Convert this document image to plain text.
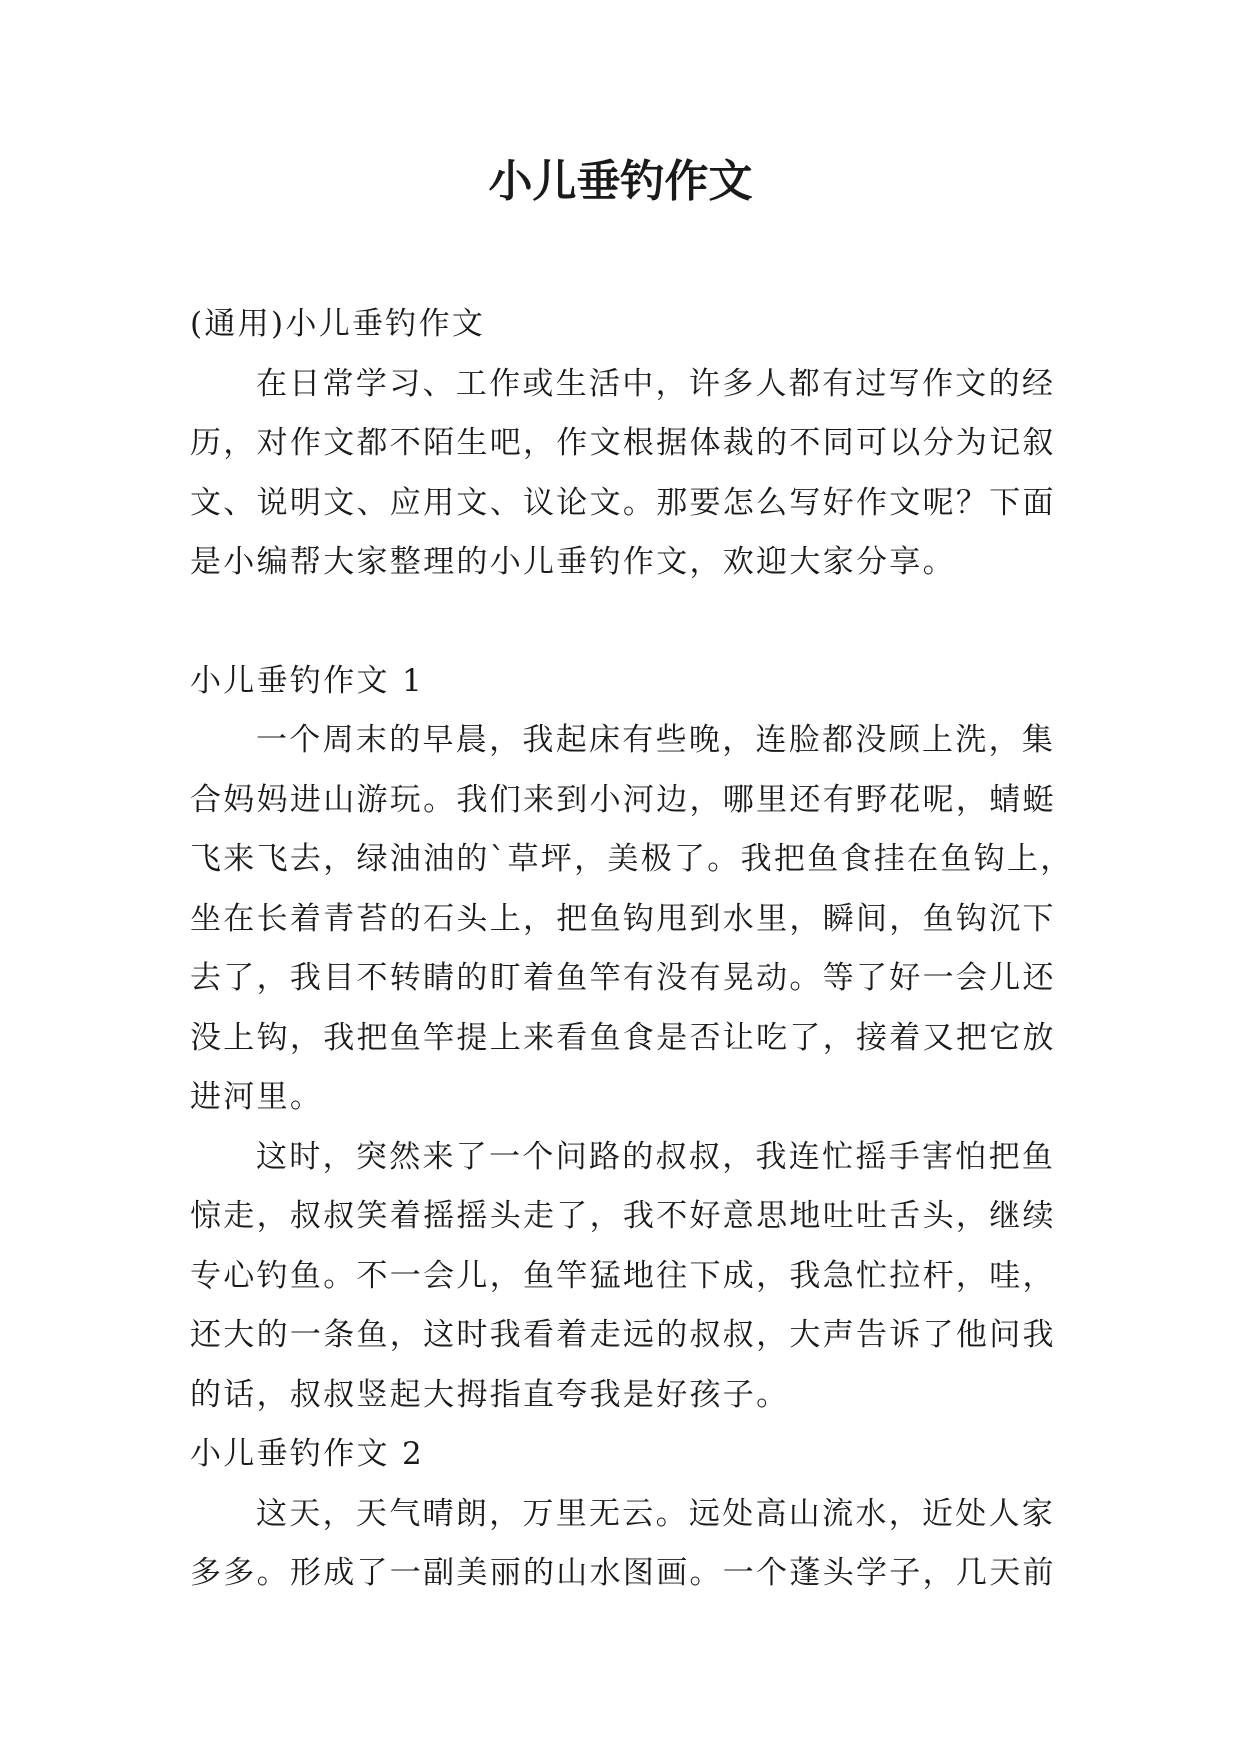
小儿垂钓作文
(通用)小儿垂钓作文
在日常学习、工作或生活中，许多人都有过写作文的经
历，对作文都不陌生吧，作文根据体裁的不同可以分为记叙
文、说明文、应用文、议论文。那要怎么写好作文呢？下面
是小编帮大家整理的小儿垂钓作文，欢迎大家分享。
小儿垂钓作文 1
一个周末的早晨，我起床有些晚，连脸都没顾上洗，集
合妈妈进山游玩。我们来到小河边，哪里还有野花呢，蜻蜓
飞来飞去，绿油油的`草坪，美极了。我把鱼食挂在鱼钩上，
坐在长着青苔的石头上，把鱼钩甩到水里，瞬间，鱼钩沉下
去了，我目不转睛的盯着鱼竿有没有晃动。等了好一会儿还
没上钩，我把鱼竿提上来看鱼食是否让吃了，接着又把它放
进河里。
这时，突然来了一个问路的叔叔，我连忙摇手害怕把鱼
惊走，叔叔笑着摇摇头走了，我不好意思地吐吐舌头，继续
专心钓鱼。不一会儿，鱼竿猛地往下成，我急忙拉杆，哇，
还大的一条鱼，这时我看着走远的叔叔，大声告诉了他问我
的话，叔叔竖起大拇指直夸我是好孩子。
小儿垂钓作文 2
这天，天气晴朗，万里无云。远处高山流水，近处人家
多多。形成了一副美丽的山水图画。一个蓬头学子，几天前
